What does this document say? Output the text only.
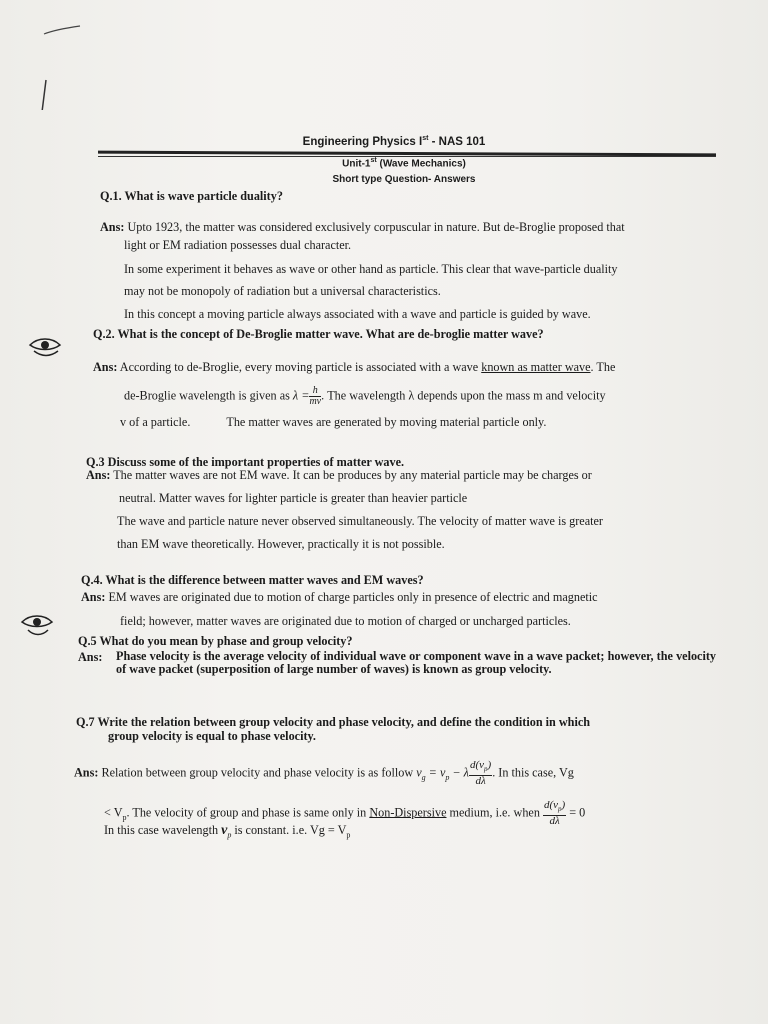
Engineering Physics Ist - NAS 101
Unit-1st (Wave Mechanics)
Short type Question- Answers
Q.1. What is wave particle duality?
Ans: Upto 1923, the matter was considered exclusively corpuscular in nature. But de-Broglie proposed that
light or EM radiation possesses dual character.
In some experiment it behaves as wave or other hand as particle. This clear that wave-particle duality
may not be monopoly of radiation but a universal characteristics.
In this concept a moving particle always associated with a wave and particle is guided by wave.
Q.2. What is the concept of De-Broglie matter wave. What are de-broglie matter wave?
Ans: According to de-Broglie, every moving particle is associated with a wave known as matter wave. The
de-Broglie wavelength is given as $\lambda = \frac{h}{mv}$ . The wavelength λ depends upon the mass m and velocity
v of a particle.	The matter waves are generated by moving material particle only.
Q.3 Discuss some of the important properties of matter wave.
Ans: The matter waves are not EM wave. It can be produces by any material particle may be charges or
neutral. Matter waves for lighter particle is greater than heavier particle
The wave and particle nature never observed simultaneously. The velocity of matter wave is greater
than EM wave theoretically. However, practically it is not possible.
Q.4. What is the difference between matter waves and EM waves?
Ans: EM waves are originated due to motion of charge particles only in presence of electric and magnetic
field; however, matter waves are originated due to motion of charged or uncharged particles.
Q.5 What do you mean by phase and group velocity?
Ans: Phase velocity is the average velocity of individual wave or component wave in a wave packet; however, the velocity of wave packet (superposition of large number of waves) is known as group velocity.
Q.7 Write the relation between group velocity and phase velocity, and define the condition in which
group velocity is equal to phase velocity.
Ans: Relation between group velocity and phase velocity is as follow $v_g = v_p - \lambda \frac{d(v_p)}{d\lambda}$ . In this case, Vg
< $V_p$. The velocity of group and phase is same only in Non-Dispersive medium, i.e. when $\frac{d(v_p)}{d\lambda} = 0$
In this case wavelength $v_p$ is constant. i.e. $Vg = V_p$
